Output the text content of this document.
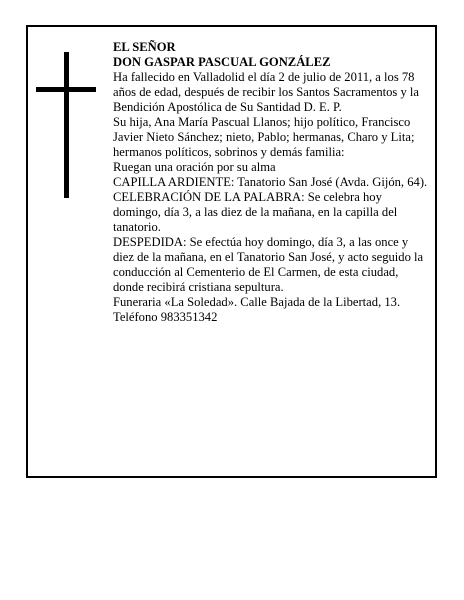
EL SEÑOR

DON GASPAR PASCUAL GONZÁLEZ

Ha fallecido en Valladolid el día 2 de julio de 2011, a los 78 años de edad, después de recibir los Santos Sacramentos y la Bendición Apostólica de Su Santidad D. E. P.

Su hija, Ana María Pascual Llanos; hijo político, Francisco Javier Nieto Sánchez; nieto, Pablo; hermanas, Charo y Lita; hermanos políticos, sobrinos y demás familia:

Ruegan una oración por su alma

CAPILLA ARDIENTE: Tanatorio San José (Avda. Gijón, 64).

CELEBRACIÓN DE LA PALABRA: Se celebra hoy domingo, día 3, a las diez de la mañana, en la capilla del tanatorio.

DESPEDIDA: Se efectúa hoy domingo, día 3, a las once y diez de la mañana, en el Tanatorio San José, y acto seguido la conducción al Cementerio de El Carmen, de esta ciudad, donde recibirá cristiana sepultura.

Funeraria «La Soledad». Calle Bajada de la Libertad, 13. Teléfono 983351342
